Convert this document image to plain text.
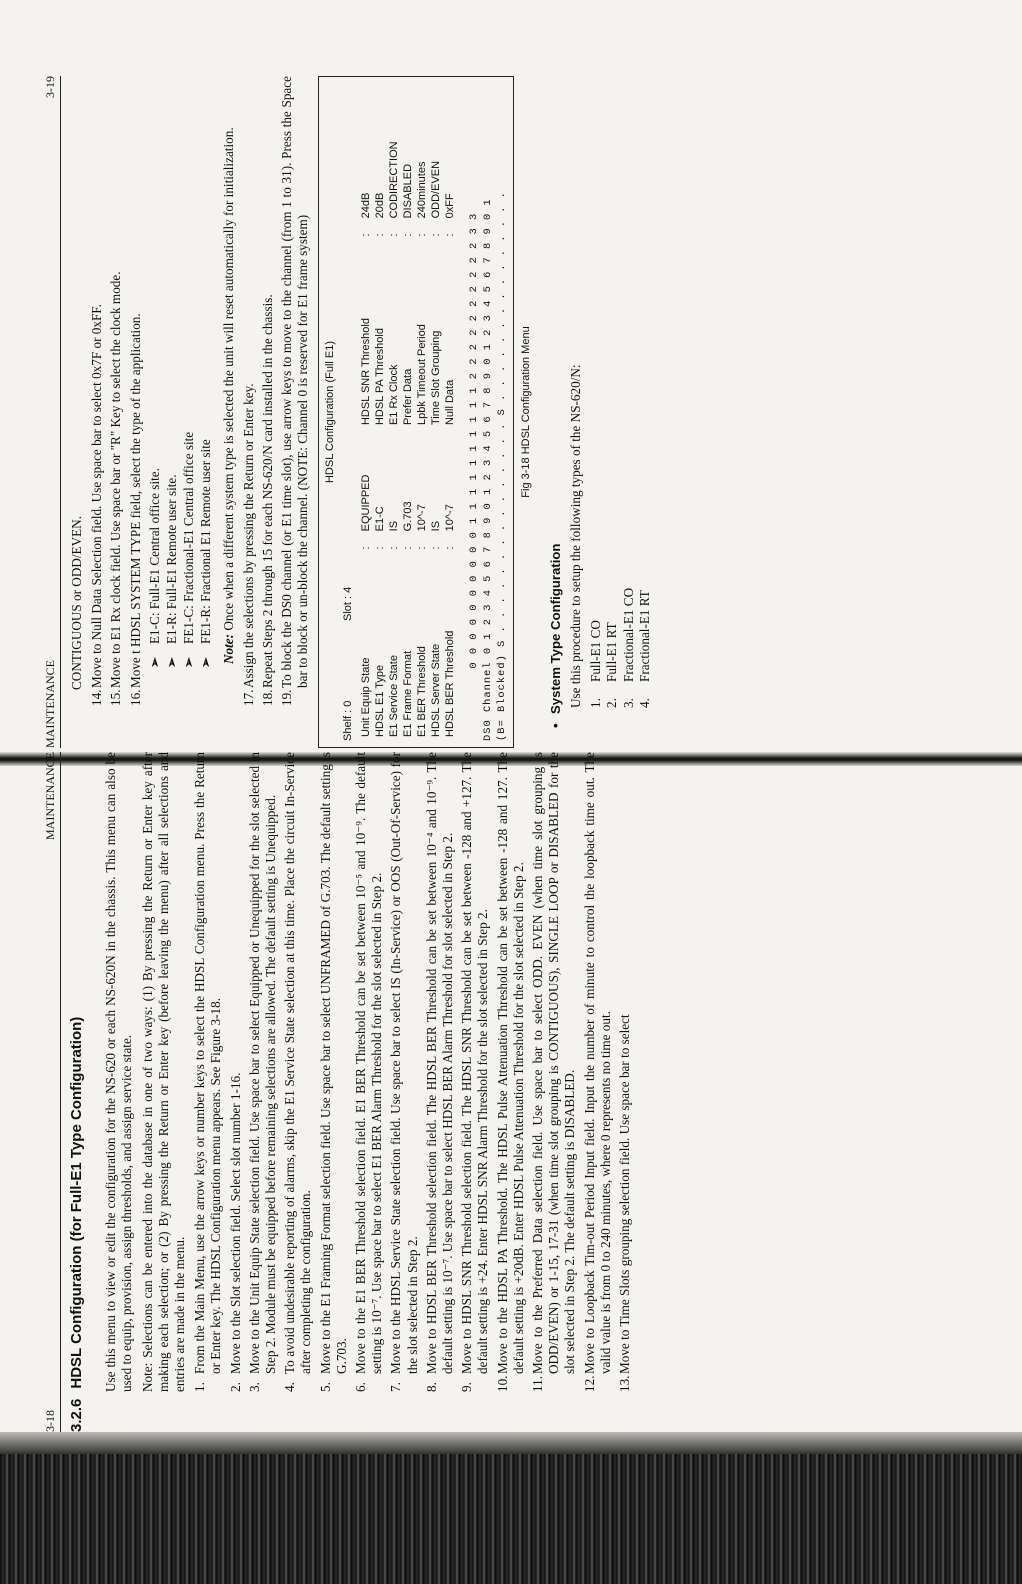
3-18
MAINTENANCE
3.2.6HDSL Configuration (for Full-E1 Type Configuration) Use this menu to view or edit the configuration for the NS-620 or each NS-620N in the chassis. This menu can also be used to equip, provision, assign thresholds, and assign service state. Note: Selections can be entered into the database in one of two ways: (1) By pressing the Return or Enter key after making each selection; or (2) By pressing the Return or Enter key (before leaving the menu) after all selections and entries are made in the menu. 1.
From the Main Menu, use the arrow keys or number keys to select the HDSL Configuration menu. Press the Return or Enter key. The HDSL Configuration menu appears. See Figure 3-18.
2.
Move to the Slot selection field. Select slot number 1-16.
3.
Move to the Unit Equip State selection field. Use space bar to select Equipped or Unequipped for the slot selected in Step 2. Module must be equipped before remaining selections are allowed. The default setting is Unequipped.
4.
To avoid undesirable reporting of alarms, skip the E1 Service State selection at this time. Place the circuit In-Service after completing the configuration.
5.
Move to the E1 Framing Format selection field. Use space bar to select UNFRAMED of G.703. The default setting is G.703.
6.
Move to the E1 BER Threshold selection field. E1 BER Threshold can be set between 10⁻⁵ and 10⁻⁹. The default setting is 10⁻⁷. Use space bar to select E1 BER Alarm Threshold for the slot selected in Step 2.
7.
Move to the HDSL Service State selection field. Use space bar to select IS (In-Service) or OOS (Out-Of-Service) for the slot selected in Step 2.
8.
Move to HDSL BER Threshold selection field. The HDSL BER Threshold can be set between 10⁻⁴ and 10⁻⁹. The default setting is 10⁻⁷. Use space bar to select HDSL BER Alarm Threshold for slot selected in Step 2.
9.
Move to HDSL SNR Threshold selection field. The HDSL SNR Threshold can be set between -128 and +127. The default setting is +24. Enter HDSL SNR Alarm Threshold for the slot selected in Step 2.
10.
Move to the HDSL PA Threshold. The HDSL Pulse Attenuation Threshold can be set between -128 and 127. The default setting is +20dB. Enter HDSL Pulse Attenuation Threshold for the slot selected in Step 2.
11.
Move to the Preferred Data selection field. Use space bar to select ODD. EVEN (when time slot grouping is ODD/EVEN) or 1-15, 17-31 (when time slot grouping is CONTIGUOUS), SINGLE LOOP or DISABLED for the slot selected in Step 2. The default setting is DISABLED.
12.
Move to Loopback Tim-out Period Input field. Input the number of minute to control the loopback time out. The valid value is from 0 to 240 minutes, where 0 represents no time out.
13.
Move to Time Slots grouping selection field. Use space bar to select
MAINTENANCE
3-19

CONTIGUOUS or ODD/EVEN.

14.
Move to Null Data Selection field. Use space bar to select 0x7F or 0xFF.
15.
Move to E1 Rx clock field. Use space bar or "R" Key to select the clock mode.
16.
Move t HDSL SYSTEM TYPE field, select the type of the application. ➢E1-C: Full-E1 Central office site.
➢E1-R: Full-E1 Remote user site.
➢FE1-C: Fractional-E1 Central office site
➢FE1-R: Fractional E1 Remote user site

Note: Once when a different system type is selected the unit will reset automatically for initialization.

17.
Assign the selections by pressing the Return or Enter key.
18.
Repeat Steps 2 through 15 for each NS-620/N card installed in the chassis.
19.
To block the DS0 channel (or E1 time slot), use arrow keys to move to the channel (from 1 to 31). Press the Space bar to block or un-block the channel. (NOTE: Channel 0 is reserved for E1 frame system) HDSL Configuration (Full E1)
Shelf : 0Slot : 4
Unit Equip State	:	EQUIPPED	HDSL SNR Threshold	:	24dB
HDSL E1 Type	:	E1-C	HDSL PA Threshold	:	20dB
E1 Service State	:	IS	E1 Rx Clock	:	CODIRECTION
E1 Frame Format	:	G.703	Prefer Data	:	DISABLED
E1 BER Threshold	:	10^-7	Lpbk Timeout Period	:	240minutes
HDSL Server State	:	IS	Time Slot Grouping	:	ODD/EVEN
HDSL BER Threshold	:	10^-7	Null Data	:	0xFF
0 0 0 0 0 0 0 0 0 0 1 1 1 1 1 1 1 1 1 1 2 2 2 2 2 2 2 2 2 2 3 3 DS0 Channel 0 1 2 3 4 5 6 7 8 9 0 1 2 3 4 5 6 7 8 9 0 1 2 3 4 5 6 7 8 9 0 1
(B= Blocked) S . . . . . . . . . . . . . . . S . . . . . . . . . . . . . . . Fig 3-18 HDSL Configuration Menu
•System Type Configuration Use this procedure to setup the following types of the NS-620/N: 1.Full-E1 CO
2.Full-E1 RT
3.Fractional-E1 CO
4.Fractional-E1 RT
